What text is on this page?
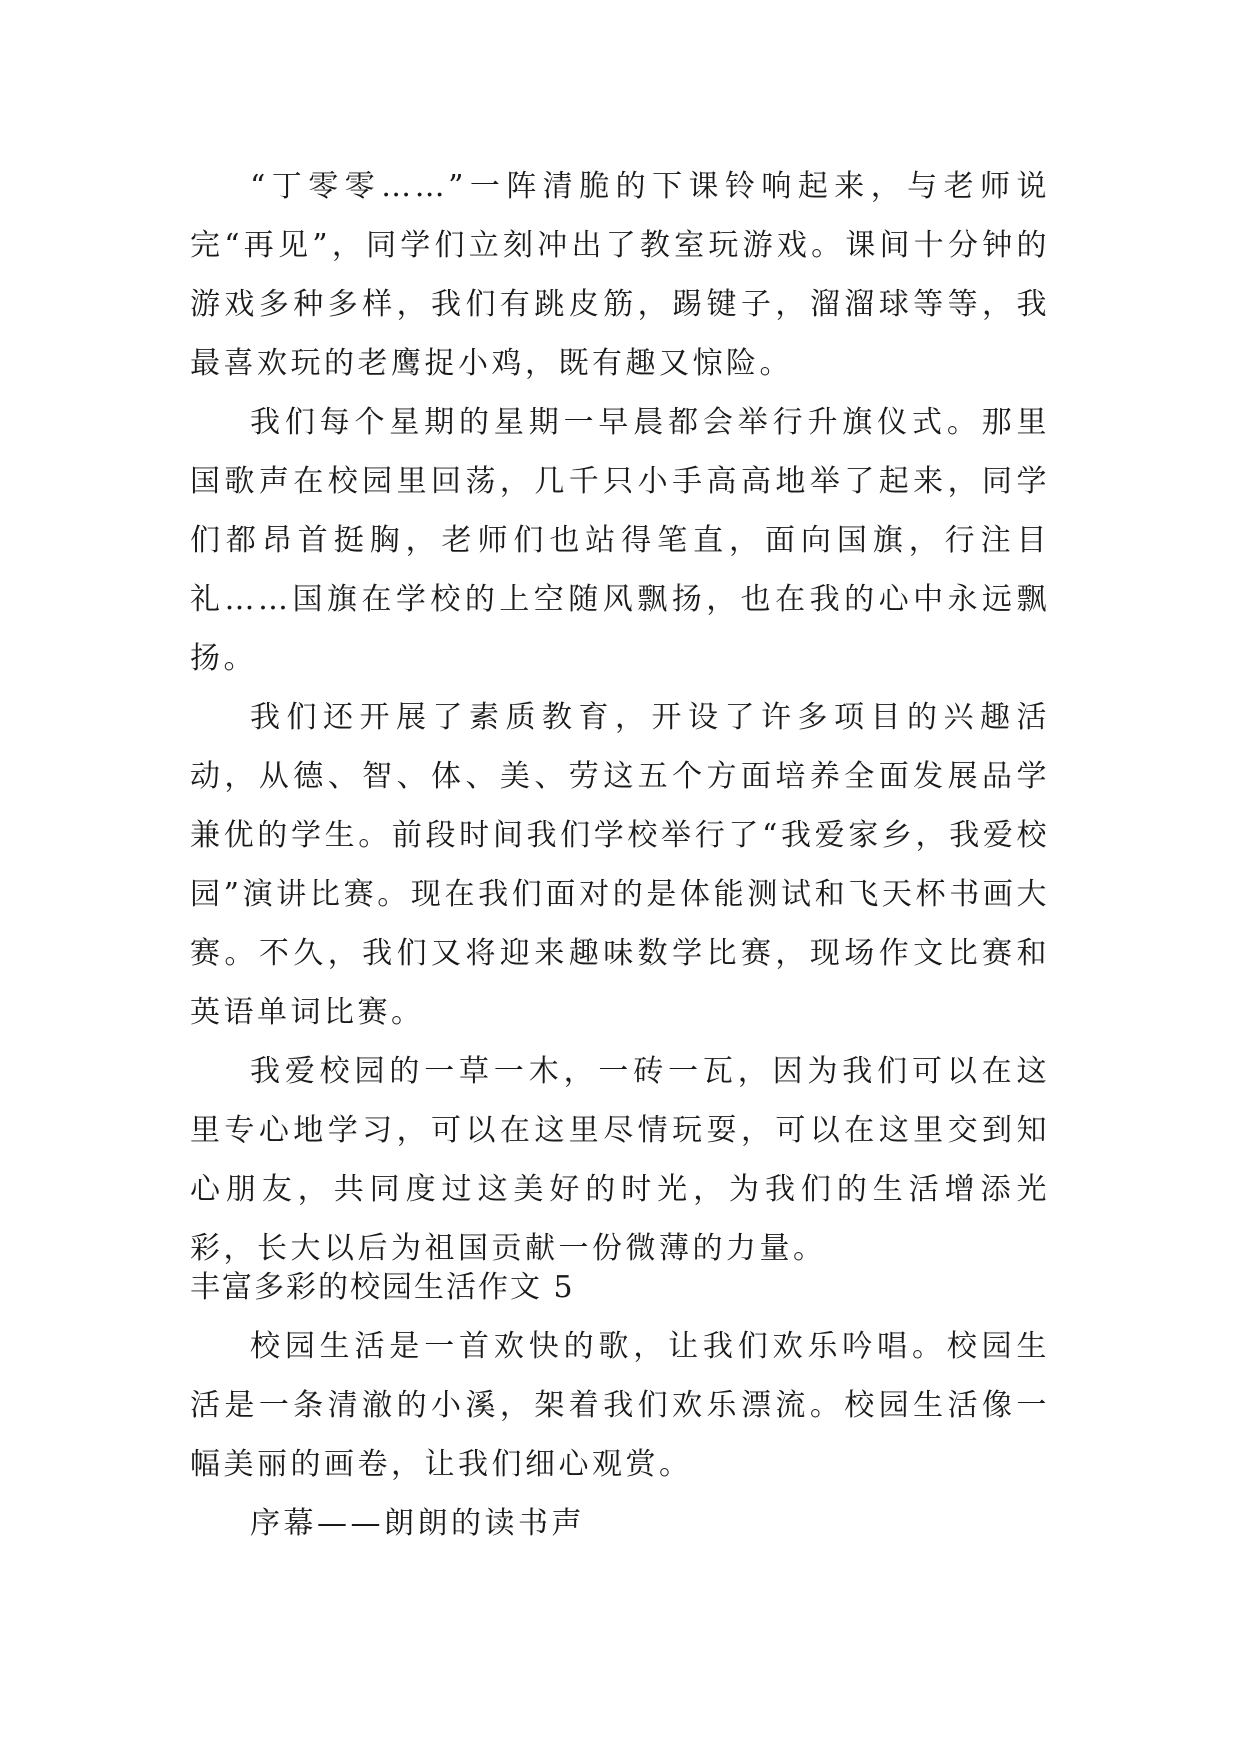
“丁零零……”一阵清脆的下课铃响起来，与老师说完“再见”，同学们立刻冲出了教室玩游戏。课间十分钟的游戏多种多样，我们有跳皮筋，踢键子，溜溜球等等，我最喜欢玩的老鹰捉小鸡，既有趣又惊险。

我们每个星期的星期一早晨都会举行升旗仪式。那里国歌声在校园里回荡，几千只小手高高地举了起来，同学们都昂首挺胸，老师们也站得笔直，面向国旗，行注目礼……国旗在学校的上空随风飘扬，也在我的心中永远飘扬。

我们还开展了素质教育，开设了许多项目的兴趣活动，从德、智、体、美、劳这五个方面培养全面发展品学兼优的学生。前段时间我们学校举行了“我爱家乡，我爱校园”演讲比赛。现在我们面对的是体能测试和飞天杯书画大赛。不久，我们又将迎来趣味数学比赛，现场作文比赛和英语单词比赛。

我爱校园的一草一木，一砖一瓦，因为我们可以在这里专心地学习，可以在这里尽情玩耍，可以在这里交到知心朋友，共同度过这美好的时光，为我们的生活增添光彩，长大以后为祖国贡献一份微薄的力量。

丰富多彩的校园生活作文 5

校园生活是一首欢快的歌，让我们欢乐吟唱。校园生活是一条清澈的小溪，架着我们欢乐漂流。校园生活像一幅美丽的画卷，让我们细心观赏。

序幕——朗朗的读书声
